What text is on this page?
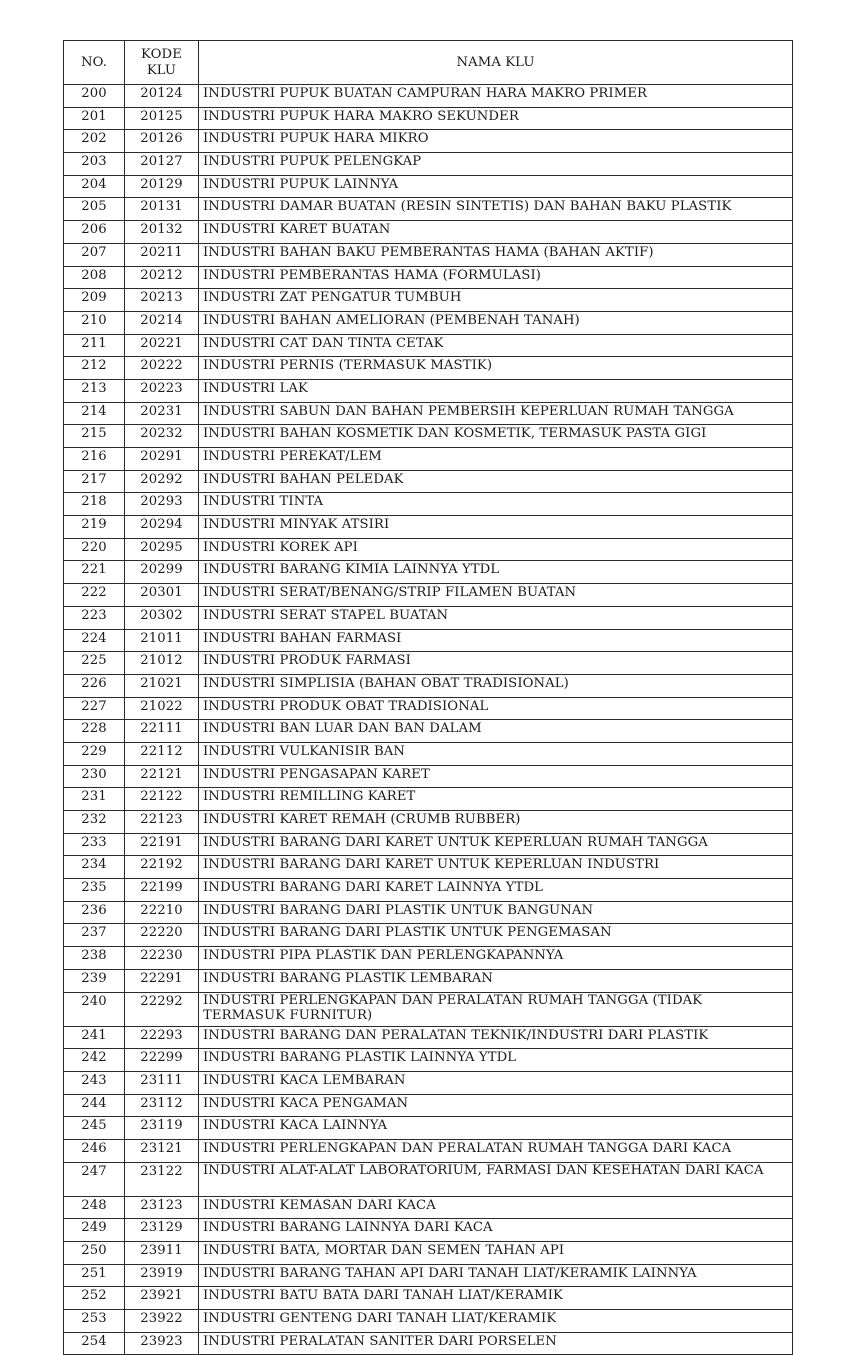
NO.	KODE KLU	NAMA KLU
200	20124	INDUSTRI PUPUK BUATAN CAMPURAN HARA MAKRO PRIMER
201	20125	INDUSTRI PUPUK HARA MAKRO SEKUNDER
202	20126	INDUSTRI PUPUK HARA MIKRO
203	20127	INDUSTRI PUPUK PELENGKAP
204	20129	INDUSTRI PUPUK LAINNYA
205	20131	INDUSTRI DAMAR BUATAN (RESIN SINTETIS) DAN BAHAN BAKU PLASTIK
206	20132	INDUSTRI KARET BUATAN
207	20211	INDUSTRI BAHAN BAKU PEMBERANTAS HAMA (BAHAN AKTIF)
208	20212	INDUSTRI PEMBERANTAS HAMA (FORMULASI)
209	20213	INDUSTRI ZAT PENGATUR TUMBUH
210	20214	INDUSTRI BAHAN AMELIORAN (PEMBENAH TANAH)
211	20221	INDUSTRI CAT DAN TINTA CETAK
212	20222	INDUSTRI PERNIS (TERMASUK MASTIK)
213	20223	INDUSTRI LAK
214	20231	INDUSTRI SABUN DAN BAHAN PEMBERSIH KEPERLUAN RUMAH TANGGA
215	20232	INDUSTRI BAHAN KOSMETIK DAN KOSMETIK, TERMASUK PASTA GIGI
216	20291	INDUSTRI PEREKAT/LEM
217	20292	INDUSTRI BAHAN PELEDAK
218	20293	INDUSTRI TINTA
219	20294	INDUSTRI MINYAK ATSIRI
220	20295	INDUSTRI KOREK API
221	20299	INDUSTRI BARANG KIMIA LAINNYA YTDL
222	20301	INDUSTRI SERAT/BENANG/STRIP FILAMEN BUATAN
223	20302	INDUSTRI SERAT STAPEL BUATAN
224	21011	INDUSTRI BAHAN FARMASI
225	21012	INDUSTRI PRODUK FARMASI
226	21021	INDUSTRI SIMPLISIA (BAHAN OBAT TRADISIONAL)
227	21022	INDUSTRI PRODUK OBAT TRADISIONAL
228	22111	INDUSTRI BAN LUAR DAN BAN DALAM
229	22112	INDUSTRI VULKANISIR BAN
230	22121	INDUSTRI PENGASAPAN KARET
231	22122	INDUSTRI REMILLING KARET
232	22123	INDUSTRI KARET REMAH (CRUMB RUBBER)
233	22191	INDUSTRI BARANG DARI KARET UNTUK KEPERLUAN RUMAH TANGGA
234	22192	INDUSTRI BARANG DARI KARET UNTUK KEPERLUAN INDUSTRI
235	22199	INDUSTRI BARANG DARI KARET LAINNYA YTDL
236	22210	INDUSTRI BARANG DARI PLASTIK UNTUK BANGUNAN
237	22220	INDUSTRI BARANG DARI PLASTIK UNTUK PENGEMASAN
238	22230	INDUSTRI PIPA PLASTIK DAN PERLENGKAPANNYA
239	22291	INDUSTRI BARANG PLASTIK LEMBARAN
240	22292	INDUSTRI PERLENGKAPAN DAN PERALATAN RUMAH TANGGA (TIDAK TERMASUK FURNITUR)
241	22293	INDUSTRI BARANG DAN PERALATAN TEKNIK/INDUSTRI DARI PLASTIK
242	22299	INDUSTRI BARANG PLASTIK LAINNYA YTDL
243	23111	INDUSTRI KACA LEMBARAN
244	23112	INDUSTRI KACA PENGAMAN
245	23119	INDUSTRI KACA LAINNYA
246	23121	INDUSTRI PERLENGKAPAN DAN PERALATAN RUMAH TANGGA DARI KACA
247	23122	INDUSTRI ALAT-ALAT LABORATORIUM, FARMASI DAN KESEHATAN DARI KACA
248	23123	INDUSTRI KEMASAN DARI KACA
249	23129	INDUSTRI BARANG LAINNYA DARI KACA
250	23911	INDUSTRI BATA, MORTAR DAN SEMEN TAHAN API
251	23919	INDUSTRI BARANG TAHAN API DARI TANAH LIAT/KERAMIK LAINNYA
252	23921	INDUSTRI BATU BATA DARI TANAH LIAT/KERAMIK
253	23922	INDUSTRI GENTENG DARI TANAH LIAT/KERAMIK
254	23923	INDUSTRI PERALATAN SANITER DARI PORSELEN
